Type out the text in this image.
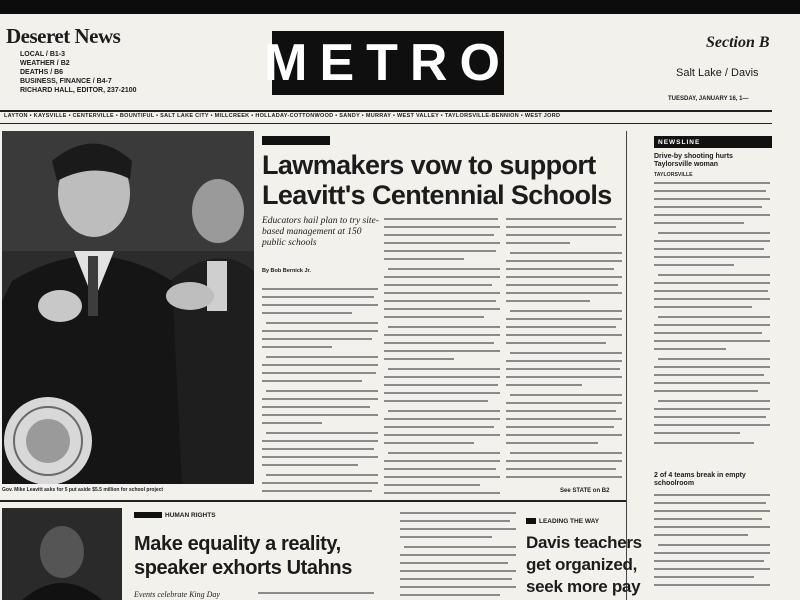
Deseret News
LOCAL / B1-3
WEATHER / B2
DEATHS / B6
BUSINESS, FINANCE / B4-7
RICHARD HALL, EDITOR, 237-2100 METRO	Section B
Salt Lake / Davis
TUESDAY, JANUARY 16, 1—
LAYTON • KAYSVILLE • CENTERVILLE • BOUNTIFUL • SALT LAKE CITY • MILLCREEK • HOLLADAY-COTTONWOOD • SANDY • MURRAY • WEST VALLEY • TAYLORSVILLE-BENNION • WEST JORD
Gov. Mike Leavitt asks for 5 put aside $5.5 million for school project
Lawmakers vow to support Leavitt's Centennial Schools
Educators hail plan to try site-based management at 150 public schools
By Bob Bernick Jr.
See STATE on B2
NEWSLINE
Drive-by shooting hurts Taylorsville woman
TAYLORSVILLE
2 of 4 teams break in empty schoolroom
HUMAN RIGHTS
Make equality a reality, speaker exhorts Utahns
Events celebrate King Day
LEADING THE WAY
Davis teachers get organized, seek more pay
